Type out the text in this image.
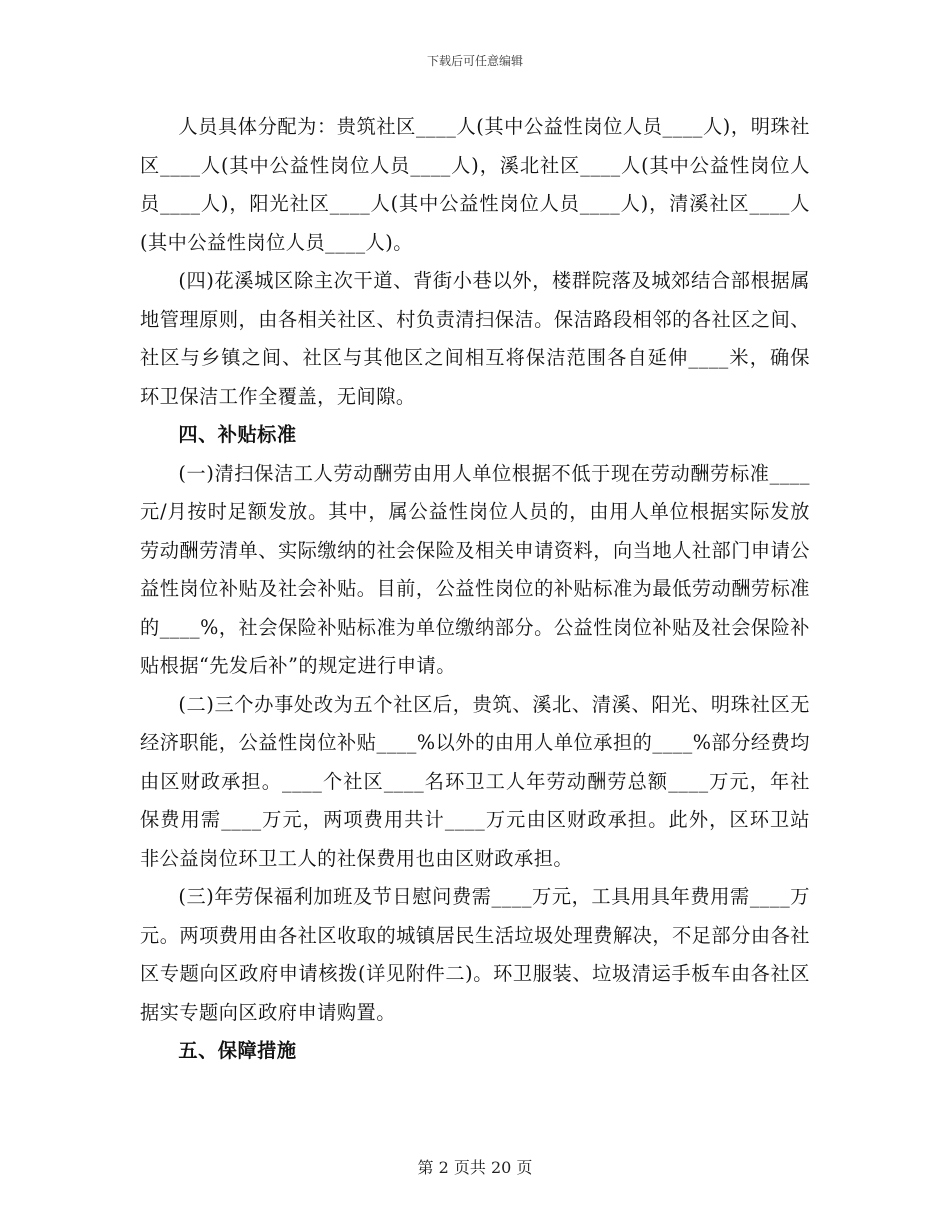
下载后可任意编辑

人员具体分配为：贵筑社区____人(其中公益性岗位人员____人)，明珠社区____人(其中公益性岗位人员____人)，溪北社区____人(其中公益性岗位人员____人)，阳光社区____人(其中公益性岗位人员____人)，清溪社区____人(其中公益性岗位人员____人)。

(四)花溪城区除主次干道、背街小巷以外，楼群院落及城郊结合部根据属地管理原则，由各相关社区、村负责清扫保洁。保洁路段相邻的各社区之间、社区与乡镇之间、社区与其他区之间相互将保洁范围各自延伸____米，确保环卫保洁工作全覆盖，无间隙。

四、补贴标准

(一)清扫保洁工人劳动酬劳由用人单位根据不低于现在劳动酬劳标准____元/月按时足额发放。其中，属公益性岗位人员的，由用人单位根据实际发放劳动酬劳清单、实际缴纳的社会保险及相关申请资料，向当地人社部门申请公益性岗位补贴及社会补贴。目前，公益性岗位的补贴标准为最低劳动酬劳标准的____%，社会保险补贴标准为单位缴纳部分。公益性岗位补贴及社会保险补贴根据“先发后补”的规定进行申请。

(二)三个办事处改为五个社区后，贵筑、溪北、清溪、阳光、明珠社区无经济职能，公益性岗位补贴____%以外的由用人单位承担的____%部分经费均由区财政承担。____个社区____名环卫工人年劳动酬劳总额____万元，年社保费用需____万元，两项费用共计____万元由区财政承担。此外，区环卫站非公益岗位环卫工人的社保费用也由区财政承担。

(三)年劳保福利加班及节日慰问费需____万元，工具用具年费用需____万元。两项费用由各社区收取的城镇居民生活垃圾处理费解决，不足部分由各社区专题向区政府申请核拨(详见附件二)。环卫服装、垃圾清运手板车由各社区据实专题向区政府申请购置。

五、保障措施

第 2 页共 20 页
